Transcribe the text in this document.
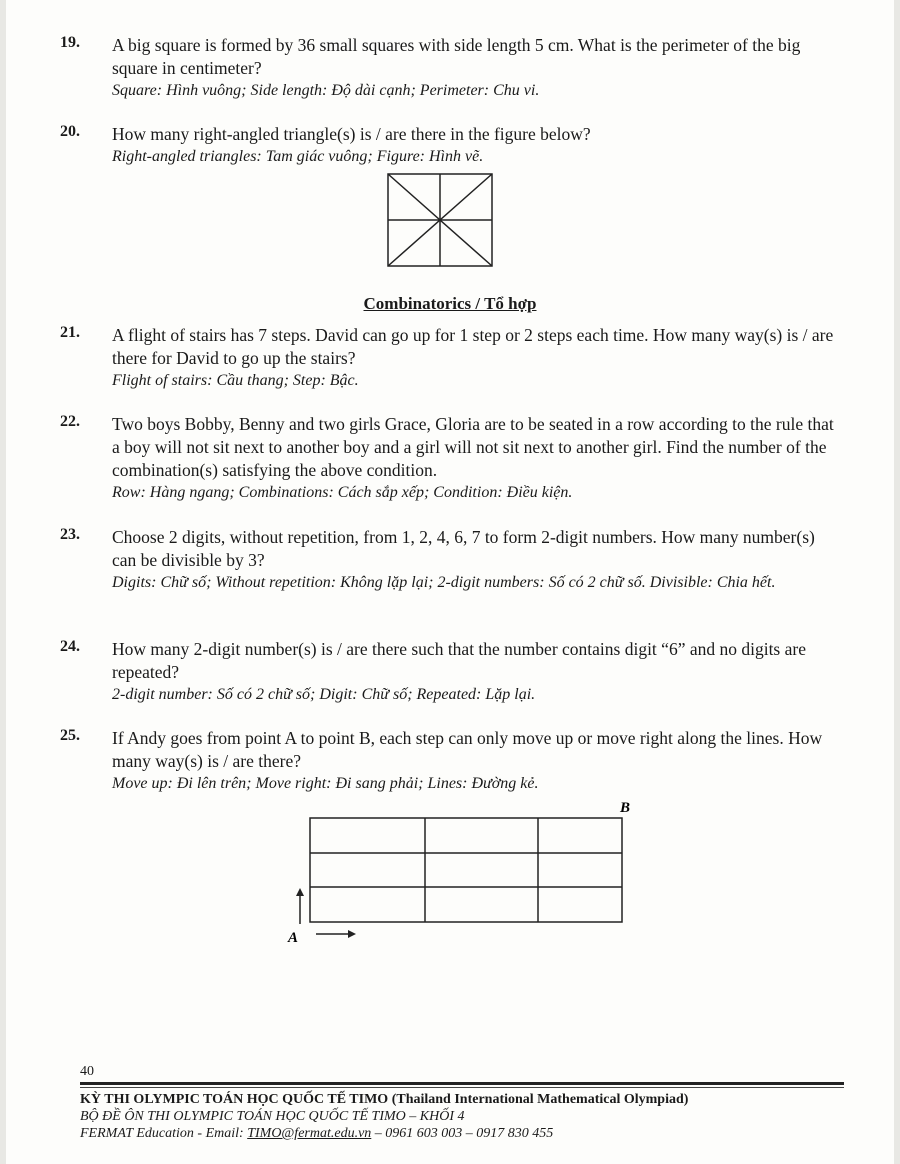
19. A big square is formed by 36 small squares with side length 5 cm. What is the perimeter of the big square in centimeter?
Square: Hình vuông; Side length: Độ dài cạnh; Perimeter: Chu vi.
20. How many right-angled triangle(s) is / are there in the figure below?
Right-angled triangles: Tam giác vuông; Figure: Hình vẽ.
Combinatorics / Tổ hợp
21. A flight of stairs has 7 steps. David can go up for 1 step or 2 steps each time. How many way(s) is / are there for David to go up the stairs?
Flight of stairs: Cầu thang; Step: Bậc.
22. Two boys Bobby, Benny and two girls Grace, Gloria are to be seated in a row according to the rule that a boy will not sit next to another boy and a girl will not sit next to another girl. Find the number of the combination(s) satisfying the above condition.
Row: Hàng ngang; Combinations: Cách sắp xếp; Condition: Điều kiện.
23. Choose 2 digits, without repetition, from 1, 2, 4, 6, 7 to form 2-digit numbers. How many number(s) can be divisible by 3?
Digits: Chữ số; Without repetition: Không lặp lại; 2-digit numbers: Số có 2 chữ số. Divisible: Chia hết.
24. How many 2-digit number(s) is / are there such that the number contains digit “6” and no digits are repeated?
2-digit number: Số có 2 chữ số; Digit: Chữ số; Repeated: Lặp lại.
25. If Andy goes from point A to point B, each step can only move up or move right along the lines. How many way(s) is / are there?
Move up: Đi lên trên; Move right: Đi sang phải; Lines: Đường kẻ.
A
B
40
KỲ THI OLYMPIC TOÁN HỌC QUỐC TẾ TIMO (Thailand International Mathematical Olympiad)
BỘ ĐỀ ÔN THI OLYMPIC TOÁN HỌC QUỐC TẾ TIMO – KHỐI 4
FERMAT Education - Email: TIMO@fermat.edu.vn – 0961 603 003 – 0917 830 455
